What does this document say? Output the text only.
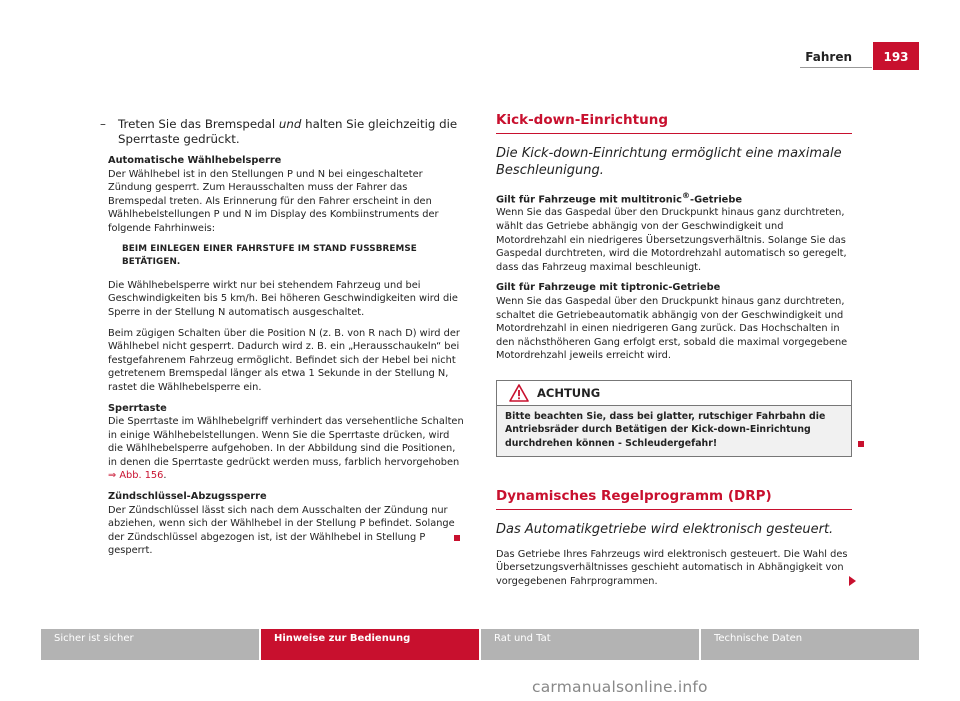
Fahren	193
–	Treten Sie das Bremspedal und halten Sie gleichzeitig die Sperrtaste gedrückt.
Automatische Wählhebelsperre

Der Wählhebel ist in den Stellungen P und N bei eingeschalteter Zündung gesperrt. Zum Herausschalten muss der Fahrer das Bremspedal treten. Als Erinnerung für den Fahrer erscheint in den Wählhebelstellungen P und N im Display des Kombiinstruments der folgende Fahrhinweis:

BEIM EINLEGEN EINER FAHRSTUFE IM STAND FUSSBREMSE BETÄTIGEN.

Die Wählhebelsperre wirkt nur bei stehendem Fahrzeug und bei Geschwindigkeiten bis 5 km/h. Bei höheren Geschwindigkeiten wird die Sperre in der Stellung N automatisch ausgeschaltet.

Beim zügigen Schalten über die Position N (z. B. von R nach D) wird der Wählhebel nicht gesperrt. Dadurch wird z. B. ein „Herausschaukeln“ bei festgefahrenem Fahrzeug ermöglicht. Befindet sich der Hebel bei nicht getretenem Bremspedal länger als etwa 1 Sekunde in der Stellung N, rastet die Wählhebelsperre ein.

Sperrtaste

Die Sperrtaste im Wählhebelgriff verhindert das versehentliche Schalten in einige Wählhebelstellungen. Wenn Sie die Sperrtaste drücken, wird die Wählhebelsperre aufgehoben. In der Abbildung sind die Positionen, in denen die Sperrtaste gedrückt werden muss, farblich hervorgehoben
⇒ Abb. 156.

Zündschlüssel-Abzugssperre

Der Zündschlüssel lässt sich nach dem Ausschalten der Zündung nur abziehen, wenn sich der Wählhebel in der Stellung P befindet. Solange der Zündschlüssel abgezogen ist, ist der Wählhebel in Stellung P gesperrt.

Kick-down-Einrichtung
Die Kick-down-Einrichtung ermöglicht eine maximale Beschleunigung.
Gilt für Fahrzeuge mit multitronic®-Getriebe

Wenn Sie das Gaspedal über den Druckpunkt hinaus ganz durchtreten, wählt das Getriebe abhängig von der Geschwindigkeit und Motordrehzahl ein niedrigeres Übersetzungsverhältnis. Solange Sie das Gaspedal durchtreten, wird die Motordrehzahl automatisch so geregelt, dass das Fahrzeug maximal beschleunigt.

Gilt für Fahrzeuge mit tiptronic-Getriebe

Wenn Sie das Gaspedal über den Druckpunkt hinaus ganz durchtreten, schaltet die Getriebeautomatik abhängig von der Geschwindigkeit und Motordrehzahl in einen niedrigeren Gang zurück. Das Hochschalten in den nächsthöheren Gang erfolgt erst, sobald die maximal vorgegebene Motordrehzahl jeweils erreicht wird.

ACHTUNG
Bitte beachten Sie, dass bei glatter, rutschiger Fahrbahn die Antriebsräder durch Betätigen der Kick-down-Einrichtung durchdrehen können - Schleudergefahr!
Dynamisches Regelprogramm (DRP)
Das Automatikgetriebe wird elektronisch gesteuert.

Das Getriebe Ihres Fahrzeugs wird elektronisch gesteuert. Die Wahl des Übersetzungsverhältnisses geschieht automatisch in Abhängigkeit von vorgegebenen Fahrprogrammen.

Sicher ist sicher	Hinweise zur Bedienung	Rat und Tat	Technische Daten
carmanualsonline.info
